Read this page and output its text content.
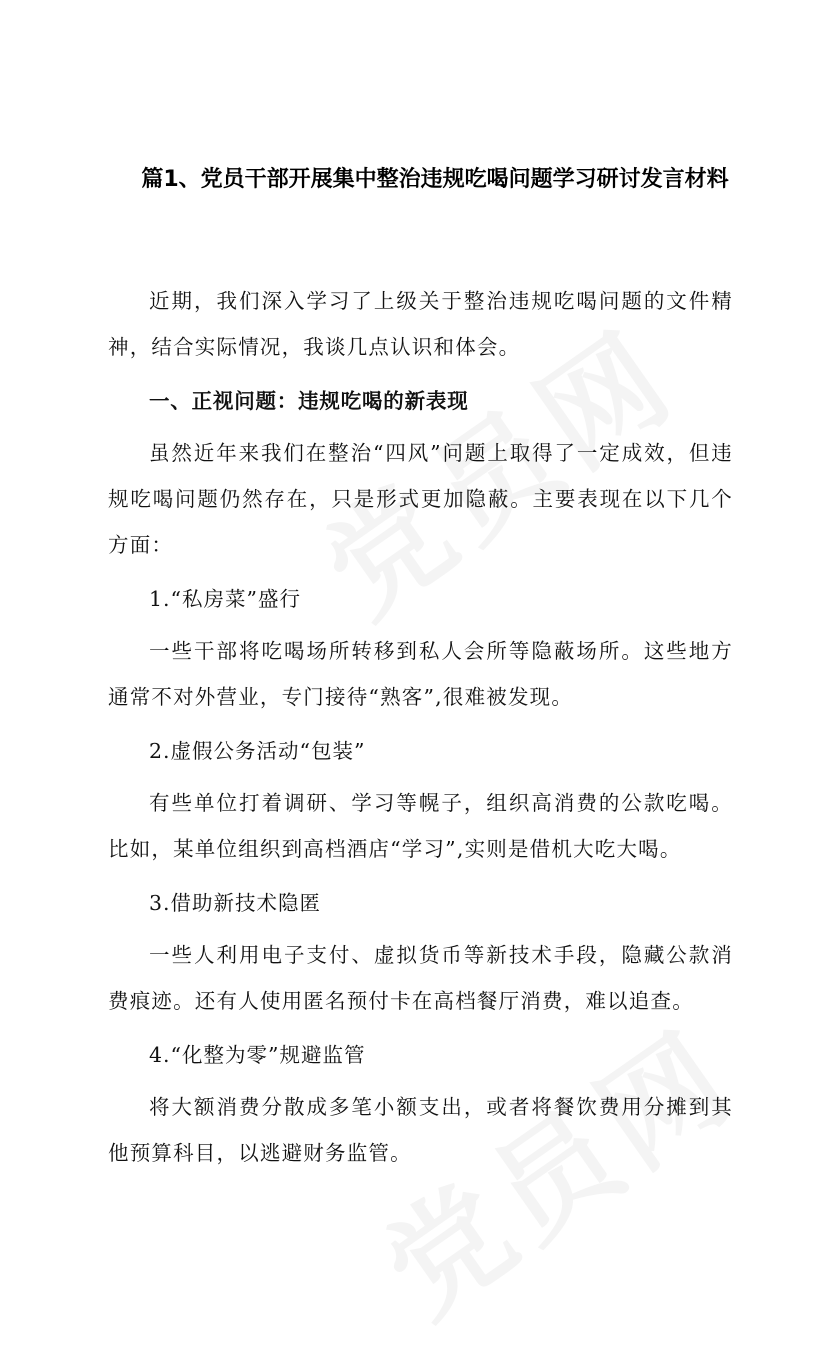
篇1、党员干部开展集中整治违规吃喝问题学习研讨发言材料

近期，我们深入学习了上级关于整治违规吃喝问题的文件精神，结合实际情况，我谈几点认识和体会。

一、正视问题：违规吃喝的新表现

虽然近年来我们在整治“四风”问题上取得了一定成效，但违规吃喝问题仍然存在，只是形式更加隐蔽。主要表现在以下几个方面：

1.“私房菜”盛行

一些干部将吃喝场所转移到私人会所等隐蔽场所。这些地方通常不对外营业，专门接待“熟客”,很难被发现。

2.虚假公务活动“包装”

有些单位打着调研、学习等幌子，组织高消费的公款吃喝。比如，某单位组织到高档酒店“学习”,实则是借机大吃大喝。

3.借助新技术隐匿

一些人利用电子支付、虚拟货币等新技术手段，隐藏公款消费痕迹。还有人使用匿名预付卡在高档餐厅消费，难以追查。

4.“化整为零”规避监管

将大额消费分散成多笔小额支出，或者将餐饮费用分摊到其他预算科目，以逃避财务监管。
